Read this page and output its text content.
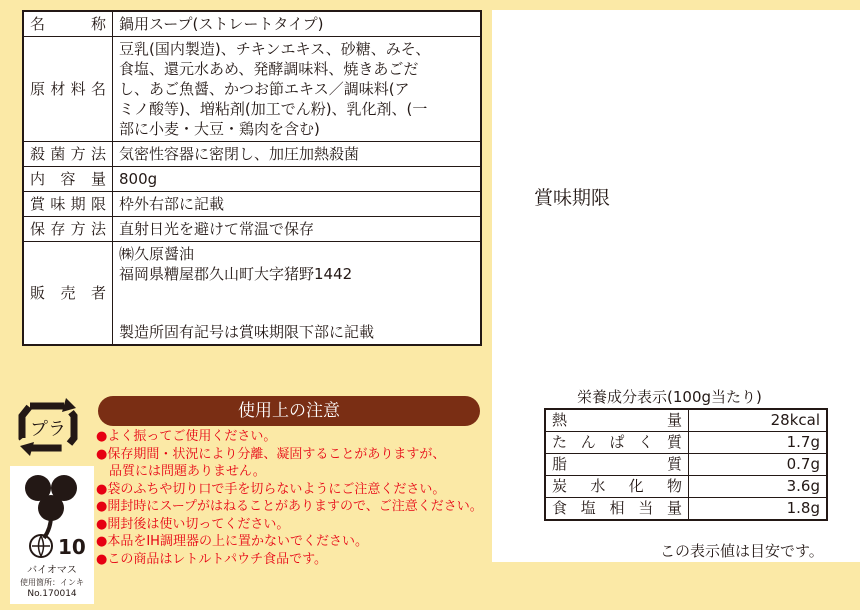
名　　称	鍋用スープ(ストレートタイプ)
原材料名	豆乳(国内製造)、チキンエキス、砂糖、みそ、
食塩、還元水あめ、発酵調味料、焼きあごだ
し、あご魚醤、かつお節エキス／調味料(ア
ミノ酸等)、増粘剤(加工でん粉)、乳化剤、(一
部に小麦・大豆・鶏肉を含む)
殺菌方法	気密性容器に密閉し、加圧加熱殺菌
内容量	800g
賞味期限	枠外右部に記載
保存方法	直射日光を避けて常温で保存
販売者	㈱久原醤油
福岡県糟屋郡久山町大字猪野1442
製造所固有記号は賞味期限下部に記載
賞味期限
栄養成分表示(100g当たり)
熱量	28kcal
たんぱく質	1.7g
脂質	0.7g
炭水化物	3.6g
食塩相当量	1.8g
この表示値は目安です。
プラ
10
バイオマス
使用箇所：インキ
No.170014
使用上の注意
●よく振ってご使用ください。
●保存期間・状況により分離、凝固することがありますが、
　品質には問題ありません。
●袋のふちや切り口で手を切らないようにご注意ください。
●開封時にスープがはねることがありますので、ご注意ください。
●開封後は使い切ってください。
●本品をIH調理器の上に置かないでください。
●この商品はレトルトパウチ食品です。
